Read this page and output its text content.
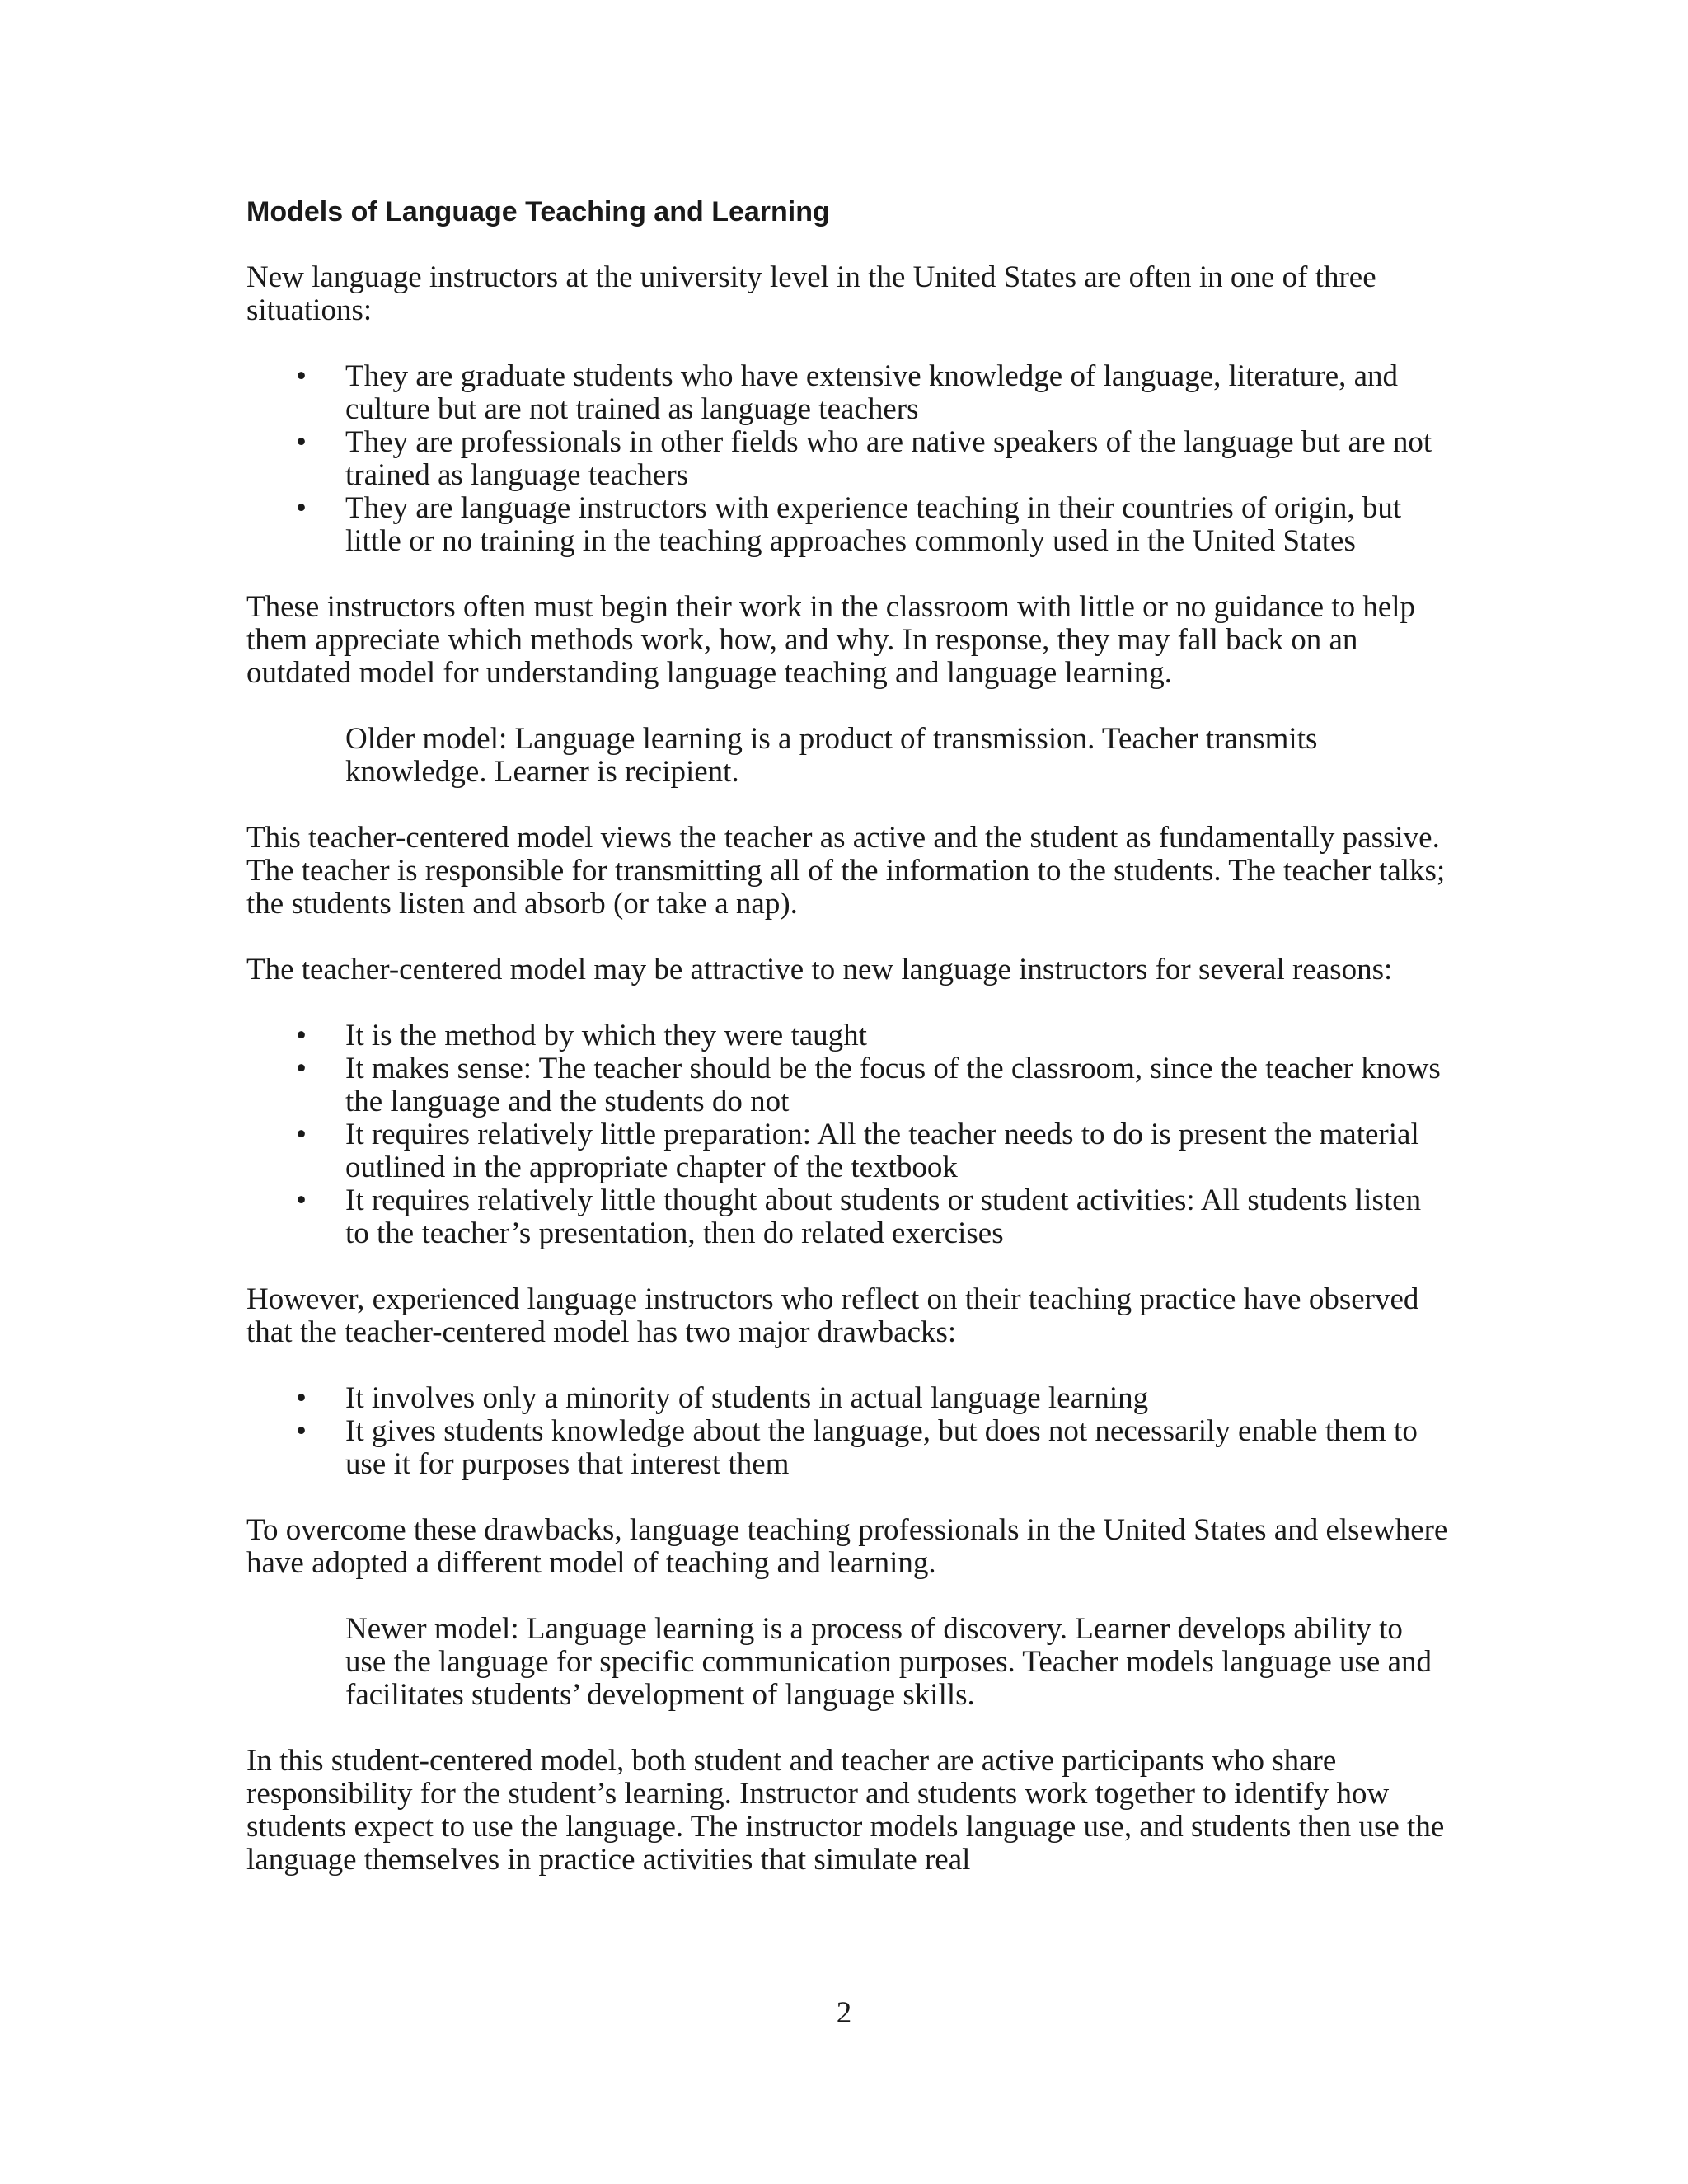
Models of Language Teaching and Learning

New language instructors at the university level in the United States are often in one of three situations:

•	They are graduate students who have extensive knowledge of language, literature, and culture but are not trained as language teachers
•	They are professionals in other fields who are native speakers of the language but are not trained as language teachers
•	They are language instructors with experience teaching in their countries of origin, but little or no training in the teaching approaches commonly used in the United States

These instructors often must begin their work in the classroom with little or no guidance to help them appreciate which methods work, how, and why. In response, they may fall back on an outdated model for understanding language teaching and language learning.

Older model: Language learning is a product of transmission. Teacher transmits knowledge. Learner is recipient.

This teacher-centered model views the teacher as active and the student as fundamentally passive. The teacher is responsible for transmitting all of the information to the students. The teacher talks; the students listen and absorb (or take a nap).

The teacher-centered model may be attractive to new language instructors for several reasons:

•	It is the method by which they were taught
•	It makes sense: The teacher should be the focus of the classroom, since the teacher knows the language and the students do not
•	It requires relatively little preparation: All the teacher needs to do is present the material outlined in the appropriate chapter of the textbook
•	It requires relatively little thought about students or student activities: All students listen to the teacher’s presentation, then do related exercises

However, experienced language instructors who reflect on their teaching practice have observed that the teacher-centered model has two major drawbacks:

•	It involves only a minority of students in actual language learning
•	It gives students knowledge about the language, but does not necessarily enable them to use it for purposes that interest them

To overcome these drawbacks, language teaching professionals in the United States and elsewhere have adopted a different model of teaching and learning.

Newer model: Language learning is a process of discovery. Learner develops ability to use the language for specific communication purposes. Teacher models language use and facilitates students’ development of language skills.

In this student-centered model, both student and teacher are active participants who share responsibility for the student’s learning. Instructor and students work together to identify how students expect to use the language. The instructor models language use, and students then use the language themselves in practice activities that simulate real

2
